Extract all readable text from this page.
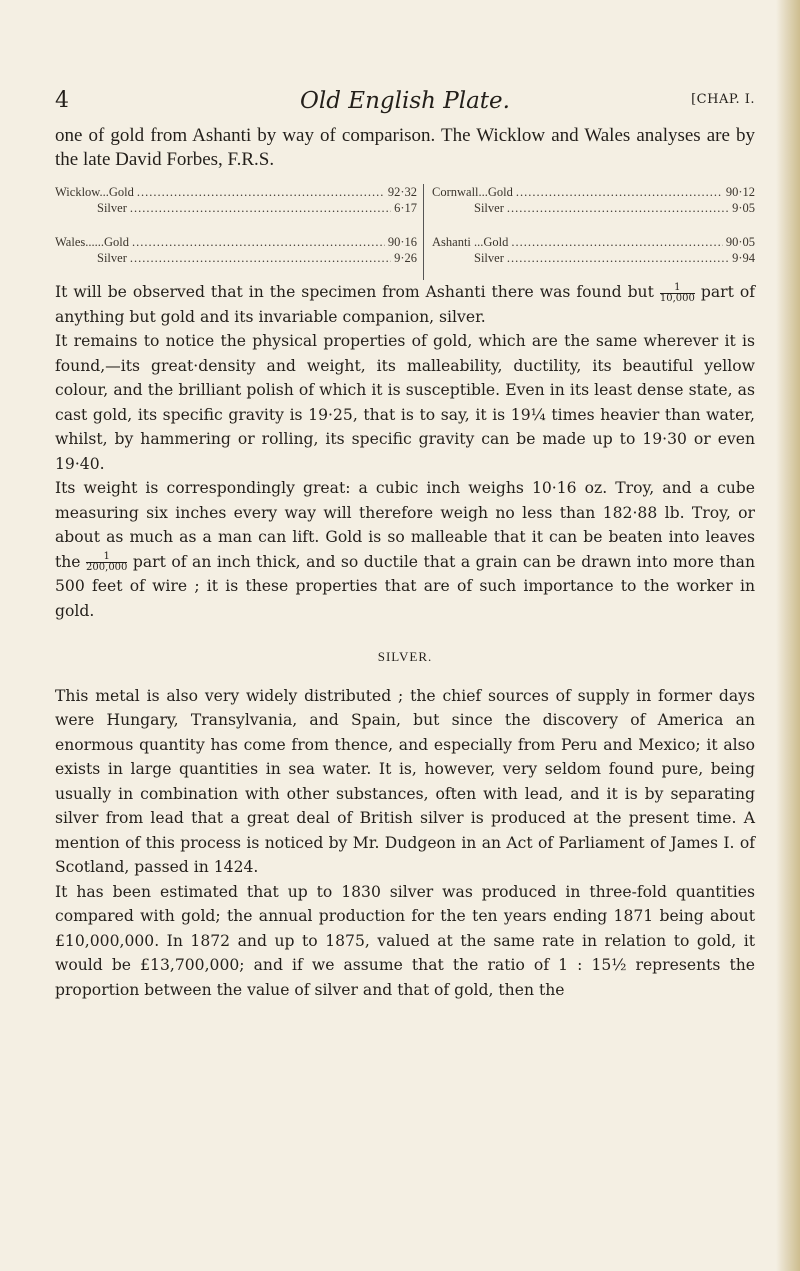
4	Old English Plate.	[CHAP. I.

one of gold from Ashanti by way of comparison. The Wicklow and Wales analyses are by the late David Forbes, F.R.S.

Wicklow...Gold .....	92·32
Silver .....	6·17
Wales......Gold .....	90·16
Silver .....	9·26
Cornwall...Gold .....	90·12
Silver .....	9·05
Ashanti ...Gold .....	90·05
Silver .....	9·94

It will be observed that in the specimen from Ashanti there was found but $\frac{1}{10,000}$ part of anything but gold and its invariable companion, silver.

It remains to notice the physical properties of gold, which are the same wherever it is found,—its great·density and weight, its malleability, ductility, its beautiful yellow colour, and the brilliant polish of which it is susceptible. Even in its least dense state, as cast gold, its specific gravity is 19·25, that is to say, it is 19¼ times heavier than water, whilst, by hammering or rolling, its specific gravity can be made up to 19·30 or even 19·40.

Its weight is correspondingly great: a cubic inch weighs 10·16 oz. Troy, and a cube measuring six inches every way will therefore weigh no less than 182·88 lb. Troy, or about as much as a man can lift. Gold is so malleable that it can be beaten into leaves the $\frac{1}{200,000}$ part of an inch thick, and so ductile that a grain can be drawn into more than 500 feet of wire ; it is these properties that are of such importance to the worker in gold.

SILVER.

This metal is also very widely distributed ; the chief sources of supply in former days were Hungary, Transylvania, and Spain, but since the discovery of America an enormous quantity has come from thence, and especially from Peru and Mexico; it also exists in large quantities in sea water. It is, however, very seldom found pure, being usually in combination with other substances, often with lead, and it is by separating silver from lead that a great deal of British silver is produced at the present time. A mention of this process is noticed by Mr. Dudgeon in an Act of Parliament of James I. of Scotland, passed in 1424.

It has been estimated that up to 1830 silver was produced in three-fold quantities compared with gold; the annual production for the ten years ending 1871 being about £10,000,000. In 1872 and up to 1875, valued at the same rate in relation to gold, it would be £13,700,000; and if we assume that the ratio of 1 : 15½ represents the proportion between the value of silver and that of gold, then the
